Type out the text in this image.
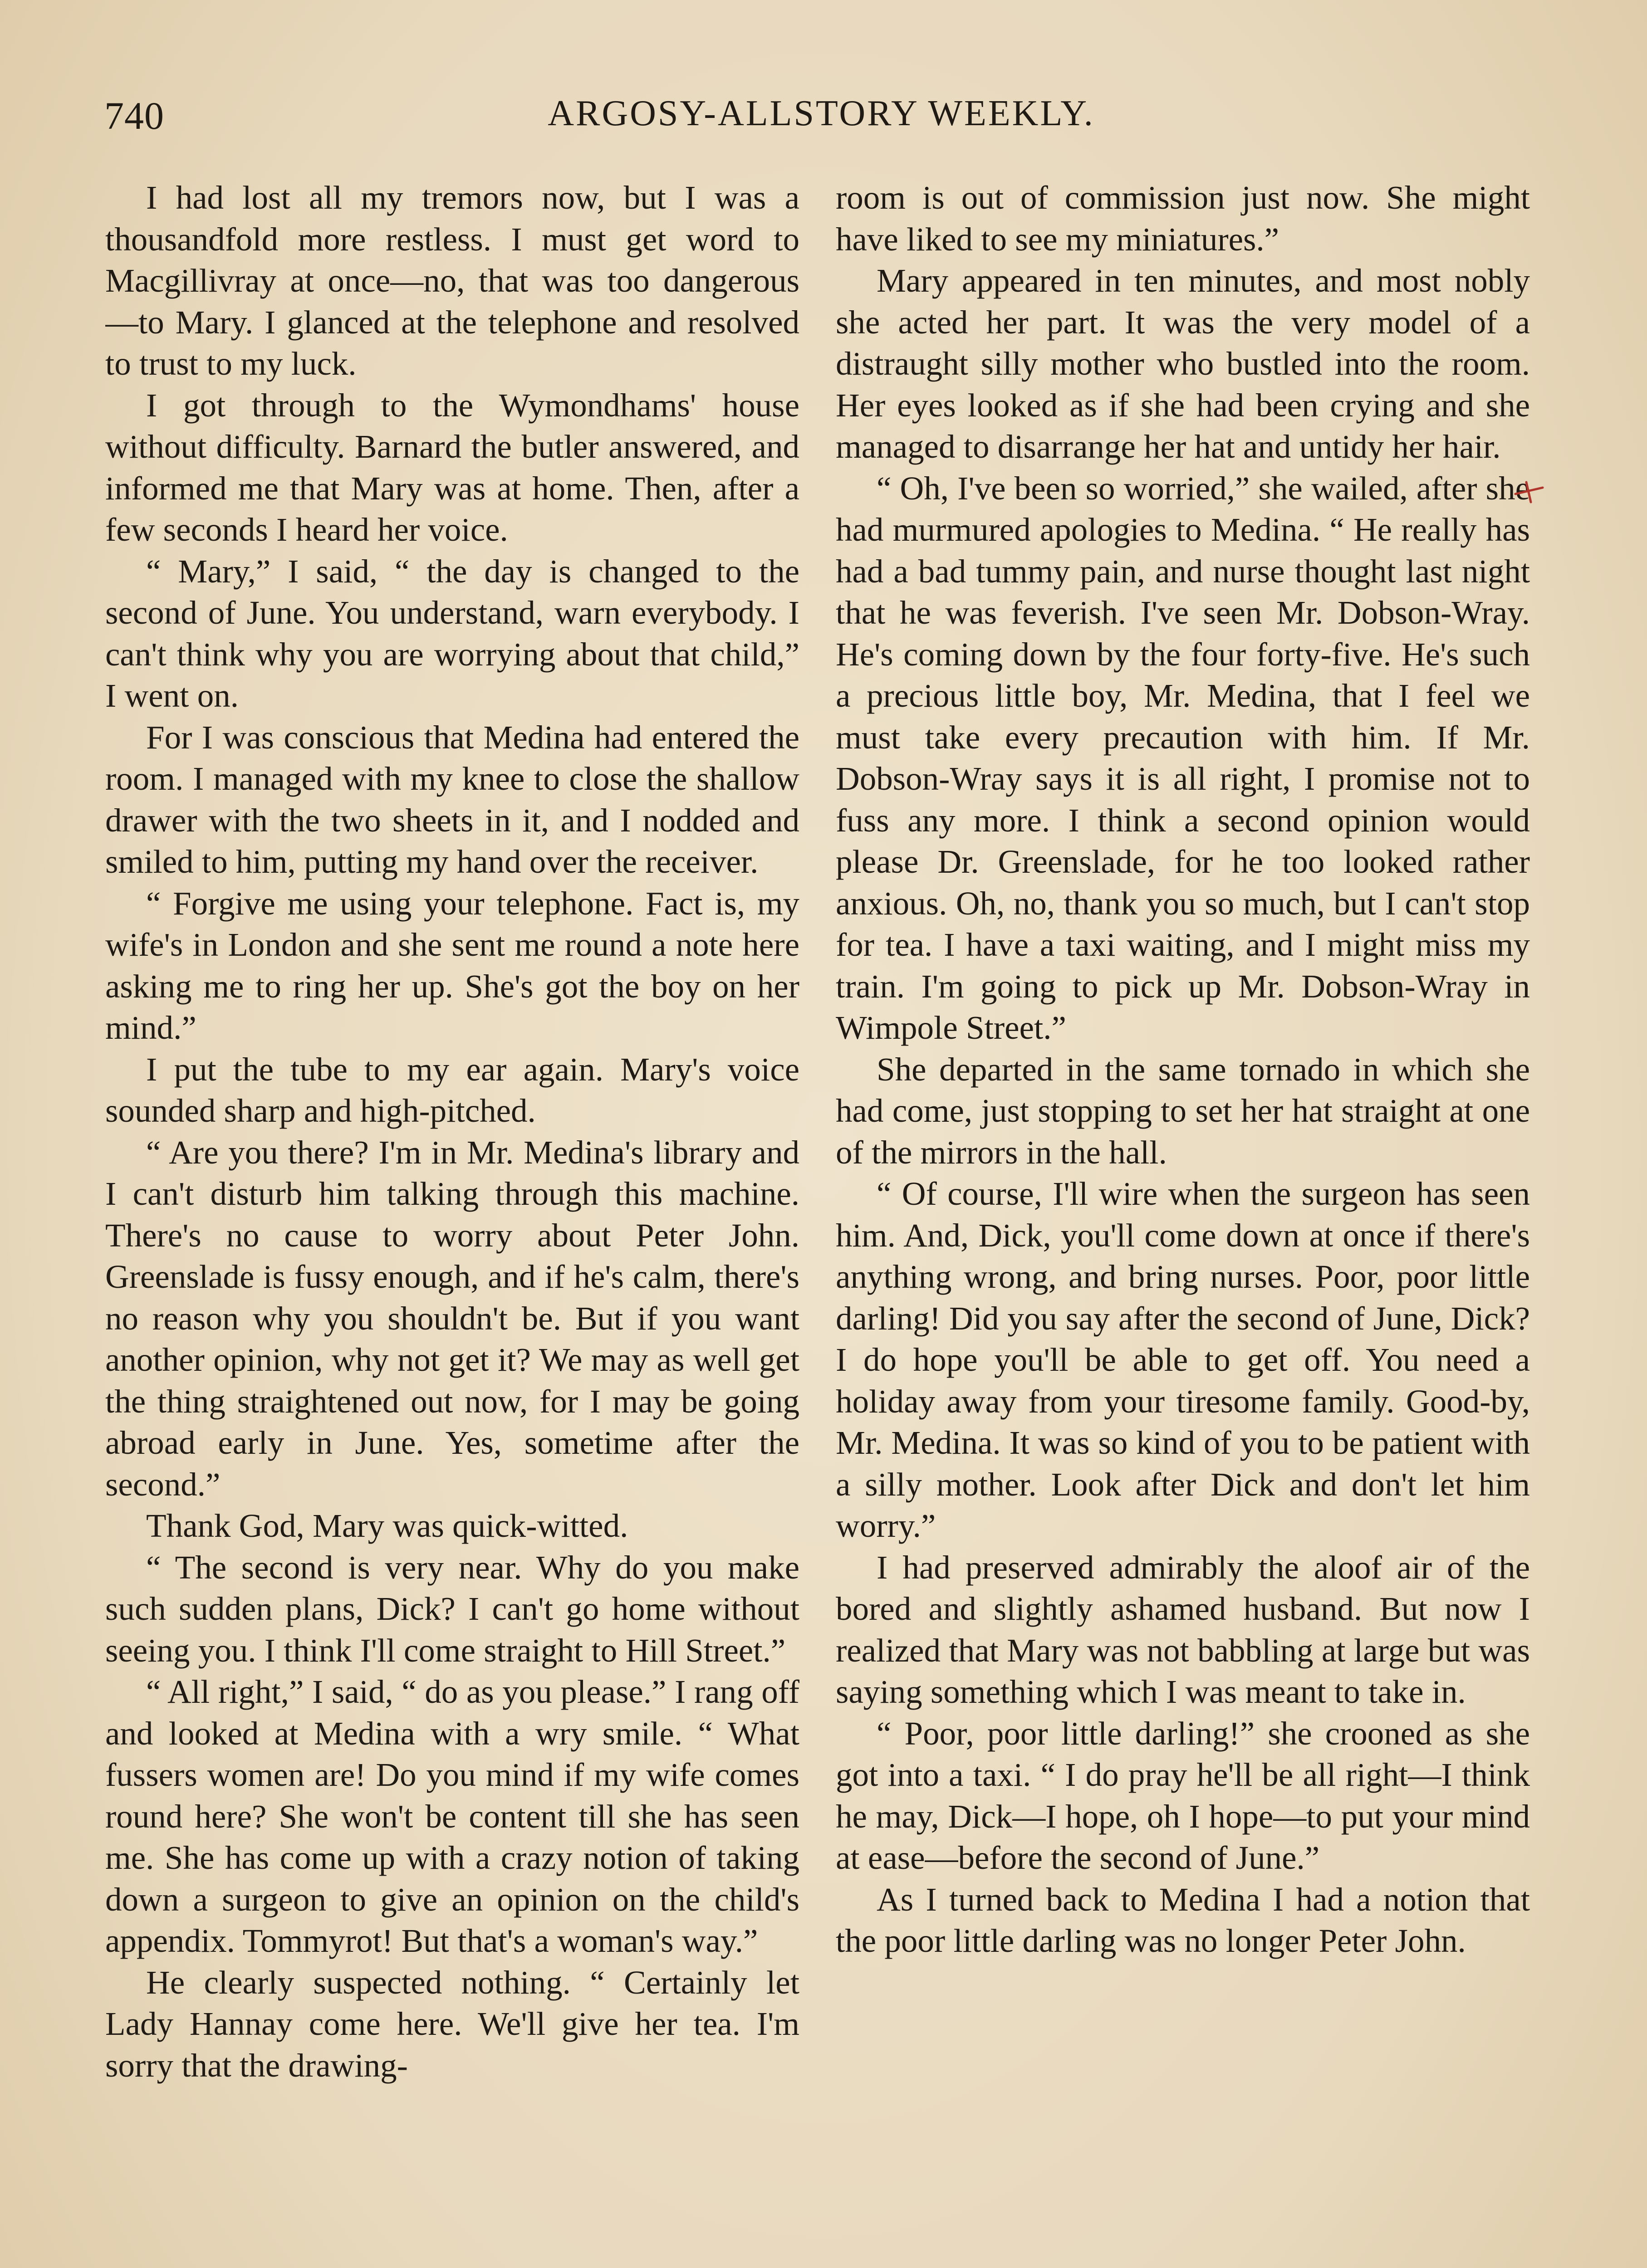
740	ARGOSY-ALLSTORY WEEKLY.

I had lost all my tremors now, but I was a thousandfold more restless. I must get word to Macgillivray at once—no, that was too dangerous—to Mary. I glanced at the telephone and resolved to trust to my luck.

I got through to the Wymondhams' house without difficulty. Barnard the butler answered, and informed me that Mary was at home. Then, after a few seconds I heard her voice.

“ Mary,” I said, “ the day is changed to the second of June. You understand, warn everybody. I can't think why you are worrying about that child,” I went on.

For I was conscious that Medina had entered the room. I managed with my knee to close the shallow drawer with the two sheets in it, and I nodded and smiled to him, putting my hand over the receiver.

“ Forgive me using your telephone. Fact is, my wife's in London and she sent me round a note here asking me to ring her up. She's got the boy on her mind.”

I put the tube to my ear again. Mary's voice sounded sharp and high-pitched.

“ Are you there? I'm in Mr. Medina's library and I can't disturb him talking through this machine. There's no cause to worry about Peter John. Greenslade is fussy enough, and if he's calm, there's no reason why you shouldn't be. But if you want another opinion, why not get it? We may as well get the thing straightened out now, for I may be going abroad early in June. Yes, sometime after the second.”

Thank God, Mary was quick-witted.

“ The second is very near. Why do you make such sudden plans, Dick? I can't go home without seeing you. I think I'll come straight to Hill Street.”

“ All right,” I said, “ do as you please.” I rang off and looked at Medina with a wry smile. “ What fussers women are! Do you mind if my wife comes round here? She won't be content till she has seen me. She has come up with a crazy notion of taking down a surgeon to give an opinion on the child's appendix. Tommyrot! But that's a woman's way.”

He clearly suspected nothing. “ Certainly let Lady Hannay come here. We'll give her tea. I'm sorry that the drawing-

room is out of commission just now. She might have liked to see my miniatures.”

Mary appeared in ten minutes, and most nobly she acted her part. It was the very model of a distraught silly mother who bustled into the room. Her eyes looked as if she had been crying and she managed to disarrange her hat and untidy her hair.

“ Oh, I've been so worried,” she wailed, after she had murmured apologies to Medina. “ He really has had a bad tummy pain, and nurse thought last night that he was feverish. I've seen Mr. Dobson-Wray. He's coming down by the four forty-five. He's such a precious little boy, Mr. Medina, that I feel we must take every precaution with him. If Mr. Dobson-Wray says it is all right, I promise not to fuss any more. I think a second opinion would please Dr. Greenslade, for he too looked rather anxious. Oh, no, thank you so much, but I can't stop for tea. I have a taxi waiting, and I might miss my train. I'm going to pick up Mr. Dobson-Wray in Wimpole Street.”

She departed in the same tornado in which she had come, just stopping to set her hat straight at one of the mirrors in the hall.

“ Of course, I'll wire when the surgeon has seen him. And, Dick, you'll come down at once if there's anything wrong, and bring nurses. Poor, poor little darling! Did you say after the second of June, Dick? I do hope you'll be able to get off. You need a holiday away from your tiresome family. Good-by, Mr. Medina. It was so kind of you to be patient with a silly mother. Look after Dick and don't let him worry.”

I had preserved admirably the aloof air of the bored and slightly ashamed husband. But now I realized that Mary was not babbling at large but was saying something which I was meant to take in.

“ Poor, poor little darling!” she crooned as she got into a taxi. “ I do pray he'll be all right—I think he may, Dick—I hope, oh I hope—to put your mind at ease—before the second of June.”

As I turned back to Medina I had a notion that the poor little darling was no longer Peter John.
